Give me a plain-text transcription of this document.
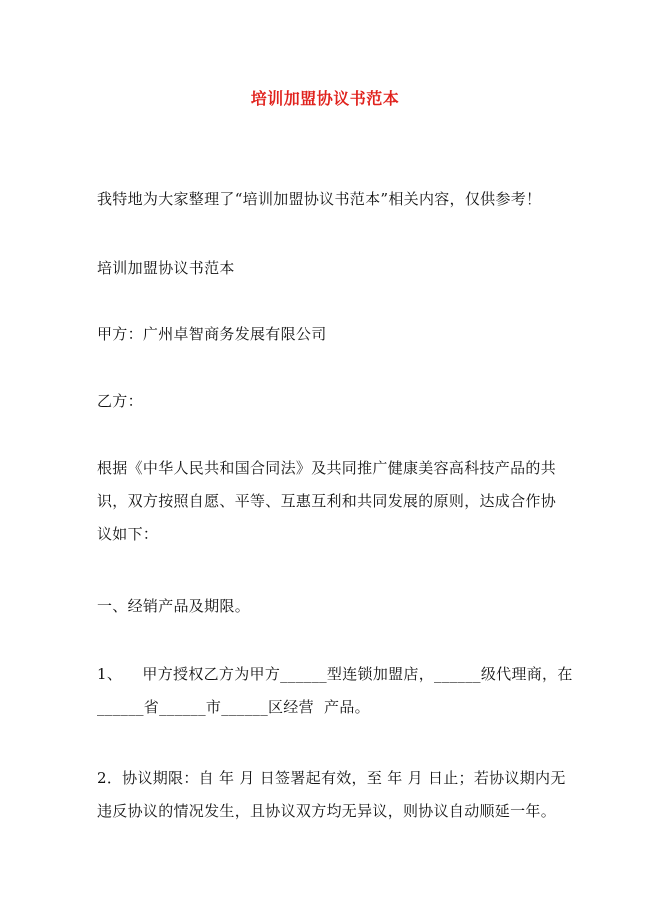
培训加盟协议书范本
我特地为大家整理了“培训加盟协议书范本”相关内容，仅供参考！
培训加盟协议书范本
甲方：广州卓智商务发展有限公司
乙方：
根据《中华人民共和国合同法》及共同推广健康美容高科技产品的共
识，双方按照自愿、平等、互惠互利和共同发展的原则，达成合作协
议如下：
一、经销产品及期限。
1、    甲方授权乙方为甲方______型连锁加盟店，______级代理商，在
______省______市______区经营  产品。
2．协议期限：自 年 月 日签署起有效，至 年 月 日止；若协议期内无
违反协议的情况发生，且协议双方均无异议，则协议自动顺延一年。
